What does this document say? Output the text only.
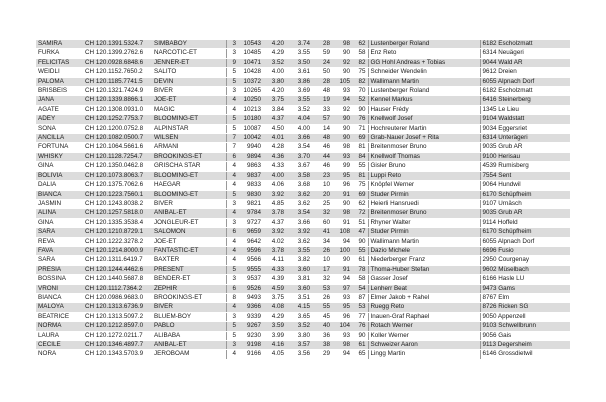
SAMIRA	CH 120.1391.5324.7	SIMBABOY	3	10543	4.20	3.74	28	98	62	Lustenberger Roland	6182 Escholzmatt
FURKA	CH 120.1399.2762.6	NARCOTIC-ET	3	10485	4.29	3.55	59	90	58	Enz Reto	6314 Neuägeri
FELICITAS	CH 120.0928.6848.6	JENNER-ET	9	10471	3.52	3.50	24	92	82	GG Hohl Andreas + Tobias	9044 Wald AR
WEIDLI	CH 120.1152.7650.2	SALITO	5	10428	4.00	3.61	50	90	75	Schneider Wendelin	9612 Dreien
PALOMA	CH 120.1185.7741.5	DEVIN	5	10372	3.80	3.86	28	105	82	Wallimann Martin	6055 Alpnach Dorf
BRISBEIS	CH 120.1321.7424.9	BIVER	3	10265	4.20	3.69	48	93	70	Lustenberger Roland	6182 Escholzmatt
JANA	CH 120.1339.8866.1	JOE-ET	4	10250	3.75	3.55	19	94	52	Kennel Markus	6416 Steinerberg
AGATE	CH 120.1308.0931.0	MAGIC	4	10213	3.84	3.52	33	92	90	Hauser Frédy	1345 Le Lieu
ADEY	CH 120.1252.7753.7	BLOOMING-ET	5	10180	4.37	4.04	57	90	76	Knellwolf Josef	9104 Waldstatt
SONA	CH 120.1200.0752.8	ALPINSTAR	5	10087	4.50	4.00	14	90	71	Hochreuterer Martin	9034 Eggersriet
ANCILLA	CH 120.1082.0500.7	WILSEN	7	10042	4.01	3.66	48	90	69	Grab-Nauer Josef + Rita	6314 Unterägeri
FORTUNA	CH 120.1064.5661.6	ARMANI	7	9940	4.28	3.54	46	98	81	Breitenmoser Bruno	9035 Grub AR
WHISKY	CH 120.1128.7254.7	BROOKINGS-ET	6	9894	4.36	3.70	44	93	84	Knellwolf Thomas	9100 Herisau
GINA	CH 120.1350.0462.8	GRISCHA STAR	4	9863	4.33	3.67	46	99	55	Gisler Bruno	4539 Rumisberg
BOLIVIA	CH 120.1073.8063.7	BLOOMING-ET	4	9837	4.00	3.58	23	95	81	Luppi Reto	7554 Sent
DALIA	CH 120.1375.7062.6	HAEGAR	4	9833	4.06	3.68	10	96	75	Knöpfel Werner	9064 Hundwil
BIANCA	CH 120.1223.7560.1	BLOOMING-ET	5	9830	3.92	3.62	20	91	69	Studer Pirmin	6170 Schüpfheim
JASMIN	CH 120.1243.8038.2	BIVER	3	9821	4.85	3.62	25	90	62	Heierli Hansruedi	9107 Urnäsch
ALINA	CH 120.1257.5818.0	ANIBAL-ET	4	9784	3.78	3.54	32	98	72	Breitenmoser Bruno	9035 Grub AR
GINA	CH 120.1335.3538.4	JONGLEUR-ET	3	9727	4.37	3.66	60	91	51	Rhyner Walter	9114 Hoffeld
SARA	CH 120.1210.8729.1	SALOMON	6	9659	3.92	3.92	41	108	47	Studer Pirmin	6170 Schüpfheim
REVA	CH 120.1222.3278.2	JOE-ET	4	9642	4.02	3.62	34	94	90	Wallimann Martin	6055 Alpnach Dorf
FAVA	CH 120.1214.8000.9	FANTASTIC-ET	4	9596	3.78	3.55	26	100	55	Dazio Michele	6696 Fusio
SARA	CH 120.1311.6419.7	BAXTER	4	9566	4.11	3.82	10	90	61	Niederberger Franz	2950 Courgenay
PRESIA	CH 120.1244.4462.6	PRESENT	5	9555	4.33	3.60	17	91	78	Thoma-Huber Stefan	9602 Müselbach
BOSSINA	CH 120.1440.5687.8	BENDER-ET	3	9537	4.39	3.81	32	94	58	Gasser Josef	6166 Hasle LU
VRONI	CH 120.1112.7364.2	ZEPHIR	6	9526	4.59	3.60	53	97	54	Lenherr Beat	9473 Gams
BIANCA	CH 120.0986.9683.0	BROOKINGS-ET	8	9493	3.75	3.51	26	93	87	Elmer Jakob + Rahel	8767 Elm
MALOYA	CH 120.1313.6736.9	BIVER	4	9366	4.08	4.15	55	95	53	Ruegg Reto	8726 Ricken SG
BEATRICE	CH 120.1313.5097.2	BLUEM-BOY	3	9339	4.29	3.65	45	96	77	Inauen-Graf Raphael	9050 Appenzell
NORMA	CH 120.1212.8597.0	PABLO	5	9267	3.59	3.52	40	104	76	Rotach Werner	9103 Schwellbrunn
LAURA	CH 120.1272.0211.7	ALIBABA	5	9230	3.99	3.80	36	93	90	Koller Werner	9056 Gais
CECILE	CH 120.1346.4897.7	ANIBAL-ET	3	9198	4.16	3.57	38	98	61	Schweizer Aaron	9113 Degersheim
NORA	CH 120.1343.5703.9	JEROBOAM	4	9166	4.05	3.56	29	94	65	Lingg Martin	6146 Grossdietwil
